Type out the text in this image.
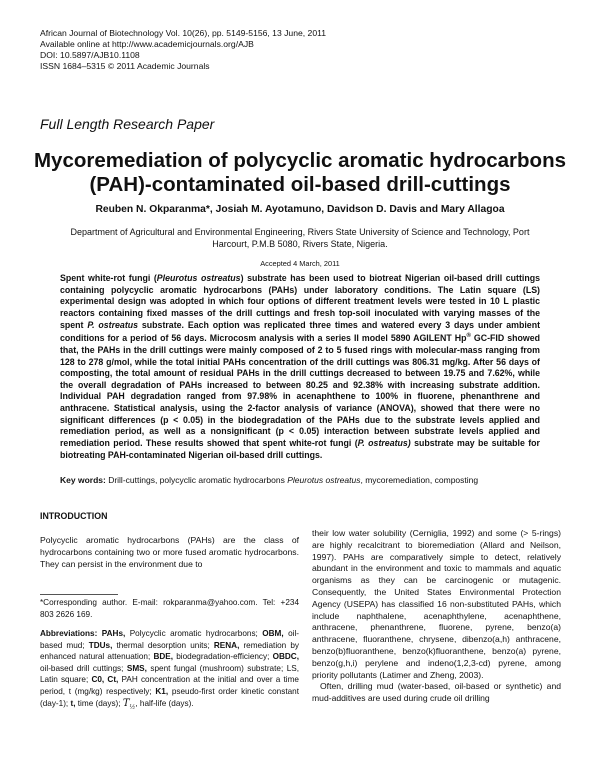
African Journal of Biotechnology Vol. 10(26), pp. 5149-5156, 13 June, 2011
Available online at http://www.academicjournals.org/AJB
DOI: 10.5897/AJB10.1108
ISSN 1684–5315 © 2011 Academic Journals
Full Length Research Paper
Mycoremediation of polycyclic aromatic hydrocarbons (PAH)-contaminated oil-based drill-cuttings
Reuben N. Okparanma*, Josiah M. Ayotamuno, Davidson D. Davis and Mary Allagoa
Department of Agricultural and Environmental Engineering, Rivers State University of Science and Technology, Port Harcourt, P.M.B 5080, Rivers State, Nigeria.
Accepted 4 March, 2011
Spent white-rot fungi (Pleurotus ostreatus) substrate has been used to biotreat Nigerian oil-based drill cuttings containing polycyclic aromatic hydrocarbons (PAHs) under laboratory conditions. The Latin square (LS) experimental design was adopted in which four options of different treatment levels were tested in 10 L plastic reactors containing fixed masses of the drill cuttings and fresh top-soil inoculated with varying masses of the spent P. ostreatus substrate. Each option was replicated three times and watered every 3 days under ambient conditions for a period of 56 days. Microcosm analysis with a series II model 5890 AGILENT Hp® GC-FID showed that, the PAHs in the drill cuttings were mainly composed of 2 to 5 fused rings with molecular-mass ranging from 128 to 278 g/mol, while the total initial PAHs concentration of the drill cuttings was 806.31 mg/kg. After 56 days of composting, the total amount of residual PAHs in the drill cuttings decreased to between 19.75 and 7.62%, while the overall degradation of PAHs increased to between 80.25 and 92.38% with increasing substrate addition. Individual PAH degradation ranged from 97.98% in acenaphthene to 100% in fluorene, phenanthrene and anthracene. Statistical analysis, using the 2-factor analysis of variance (ANOVA), showed that there were no significant differences (p < 0.05) in the biodegradation of the PAHs due to the substrate levels applied and remediation period, as well as a nonsignificant (p < 0.05) interaction between substrate levels applied and remediation period. These results showed that spent white-rot fungi (P. ostreatus) substrate may be suitable for biotreating PAH-contaminated Nigerian oil-based drill cuttings.
Key words: Drill-cuttings, polycyclic aromatic hydrocarbons Pleurotus ostreatus, mycoremediation, composting
INTRODUCTION
Polycyclic aromatic hydrocarbons (PAHs) are the class of hydrocarbons containing two or more fused aromatic hydrocarbons. They can persist in the environment due to
*Corresponding author. E-mail: rokparanma@yahoo.com. Tel: +234 803 2626 169.
Abbreviations: PAHs, Polycyclic aromatic hydrocarbons; OBM, oil-based mud; TDUs, thermal desorption units; RENA, remediation by enhanced natural attenuation; BDE, biodegradation-efficiency; OBDC, oil-based drill cuttings; SMS, spent fungal (mushroom) substrate; LS, Latin square; C0, Ct, PAH concentration at the initial and over a time period, t (mg/kg) respectively; K1, pseudo-first order kinetic constant (day-1); t, time (days); $T_{\frac{1}{2}}$, half-life (days).

their low water solubility (Cerniglia, 1992) and some (> 5-rings) are highly recalcitrant to bioremediation (Allard and Neilson, 1997). PAHs are comparatively simple to detect, relatively abundant in the environment and toxic to mammals and aquatic organisms as they can be carcinogenic or mutagenic. Consequently, the United States Environmental Protection Agency (USEPA) has classified 16 non-substituted PAHs, which include naphthalene, acenaphthylene, acenaphthene, anthracene, phenanthrene, fluorene, pyrene, benzo(a) anthracene, fluoranthene, chrysene, dibenzo(a,h) anthracene, benzo(b)fluoranthene, benzo(k)fluoranthene, benzo(a) pyrene, benzo(g,h,i) perylene and indeno(1,2,3-cd) pyrene, among priority pollutants (Latimer and Zheng, 2003).

Often, drilling mud (water-based, oil-based or synthetic) and mud-additives are used during crude oil drilling
